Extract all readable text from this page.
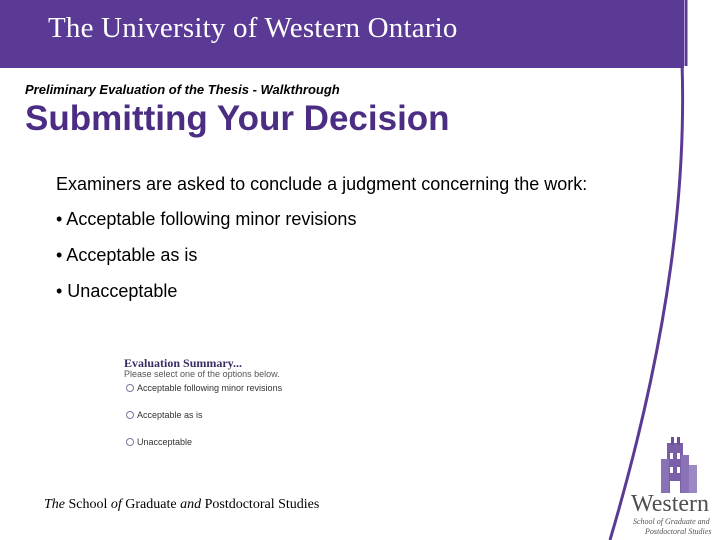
The University of Western Ontario
Preliminary Evaluation of the Thesis - Walkthrough
Submitting Your Decision

Examiners are asked to conclude a judgment concerning the work:

• Acceptable following minor revisions

• Acceptable as is

• Unacceptable

Evaluation Summary...
Please select one of the options below.
Acceptable following minor revisions
Acceptable as is
Unacceptable
The School of Graduate and Postdoctoral Studies	Western
School of Graduate and
Postdoctoral Studies
